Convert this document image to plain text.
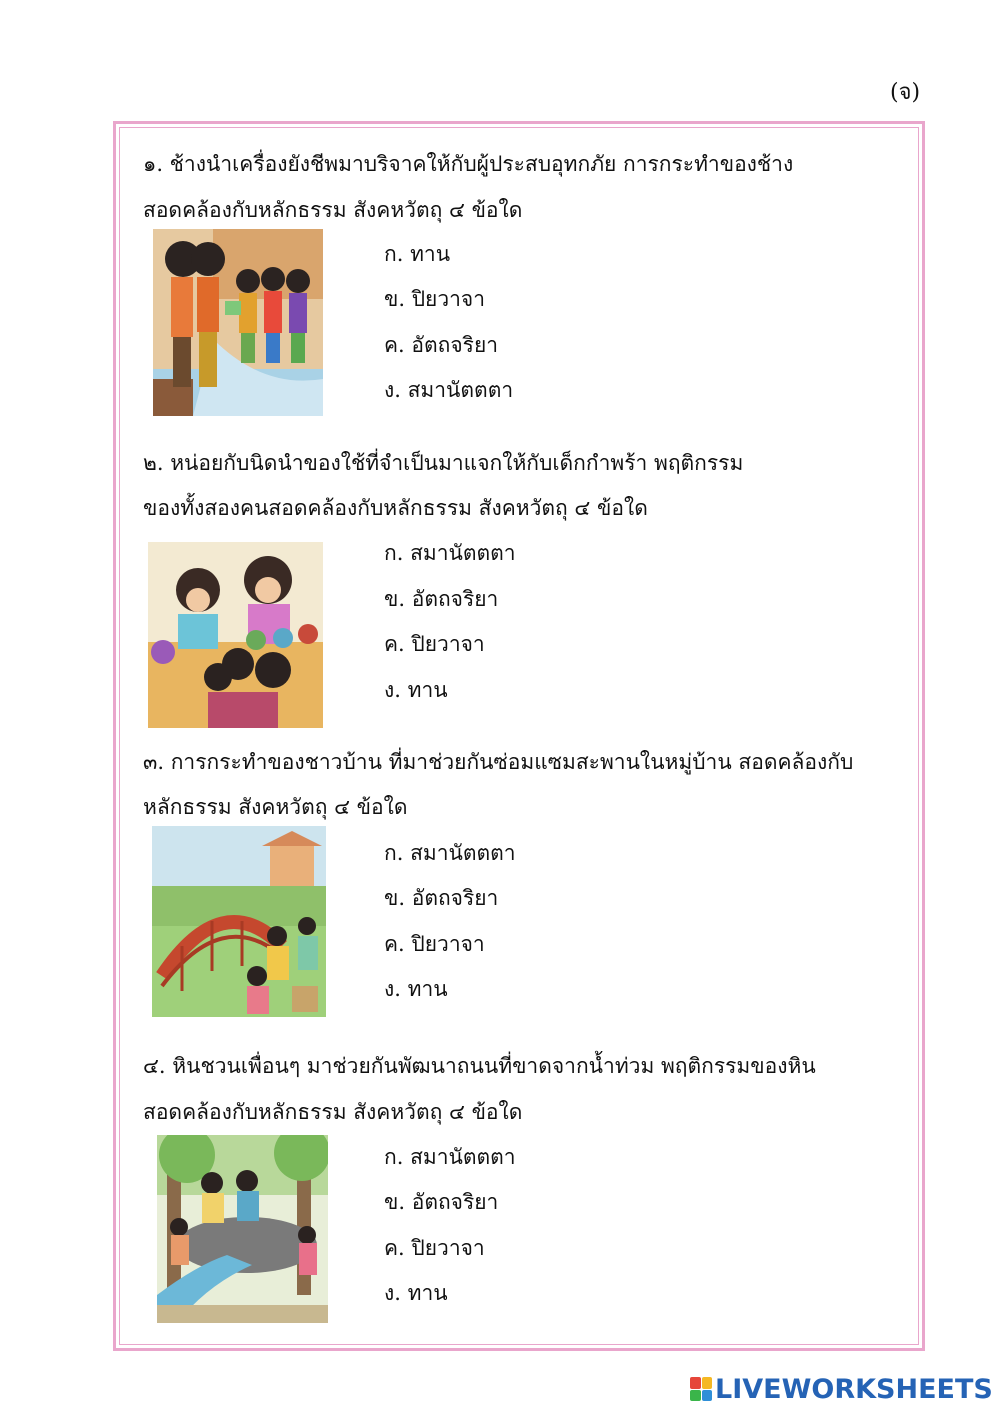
(จ)
๑. ช้างนำเครื่องยังชีพมาบริจาคให้กับผู้ประสบอุทกภัย การกระทำของช้าง
สอดคล้องกับหลักธรรม สังคหวัตถุ ๔ ข้อใด
ก. ทาน
ข. ปิยวาจา
ค. อัตถจริยา
ง. สมานัตตตา
๒. หน่อยกับนิดนำของใช้ที่จำเป็นมาแจกให้กับเด็กกำพร้า พฤติกรรม
ของทั้งสองคนสอดคล้องกับหลักธรรม สังคหวัตถุ ๔ ข้อใด
ก. สมานัตตตา
ข. อัตถจริยา
ค. ปิยวาจา
ง. ทาน
๓. การกระทำของชาวบ้าน ที่มาช่วยกันซ่อมแซมสะพานในหมู่บ้าน สอดคล้องกับ
หลักธรรม สังคหวัตถุ ๔ ข้อใด
ก. สมานัตตตา
ข. อัตถจริยา
ค. ปิยวาจา
ง. ทาน
๔. หินชวนเพื่อนๆ มาช่วยกันพัฒนาถนนที่ขาดจากน้ำท่วม พฤติกรรมของหิน
สอดคล้องกับหลักธรรม สังคหวัตถุ ๔ ข้อใด
ก. สมานัตตตา
ข. อัตถจริยา
ค. ปิยวาจา
ง. ทาน
LIVEWORKSHEETS
